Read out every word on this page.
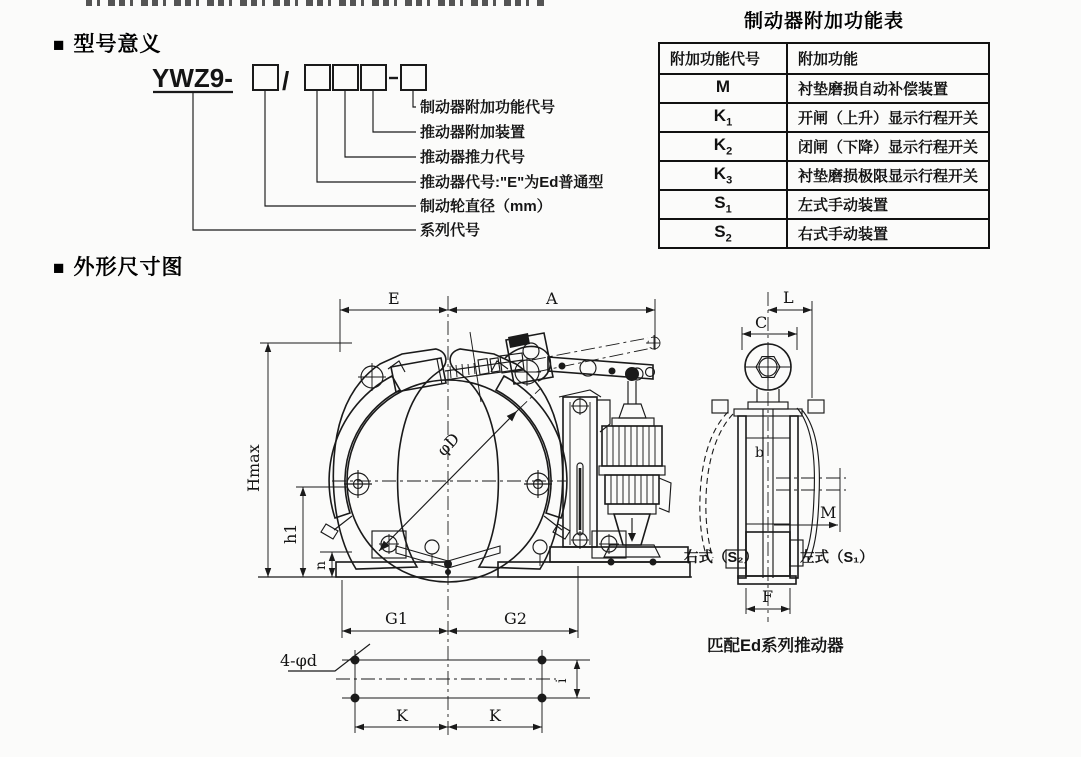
■ 型号意义
■ 外形尺寸图
制动器附加功能表
附加功能代号	附加功能
M	衬垫磨损自动补偿装置
$K_1$	开闸（上升）显示行程开关
$K_2$	闭闸（下降）显示行程开关
$K_3$	衬垫磨损极限显示行程开关
$S_1$	左式手动装置
$S_2$	右式手动装置
YWZ9- /
制动器附加功能代号
推动器附加装置
推动器推力代号
推动器代号:"E"为Ed普通型
制动轮直径（mm）
系列代号
E	A
Hmax
h1
n
φD
G1	G2
4-φd
i
K	K
L
C
b
M
F
右式（S₂）	左式（S₁）
匹配Ed系列推动器
